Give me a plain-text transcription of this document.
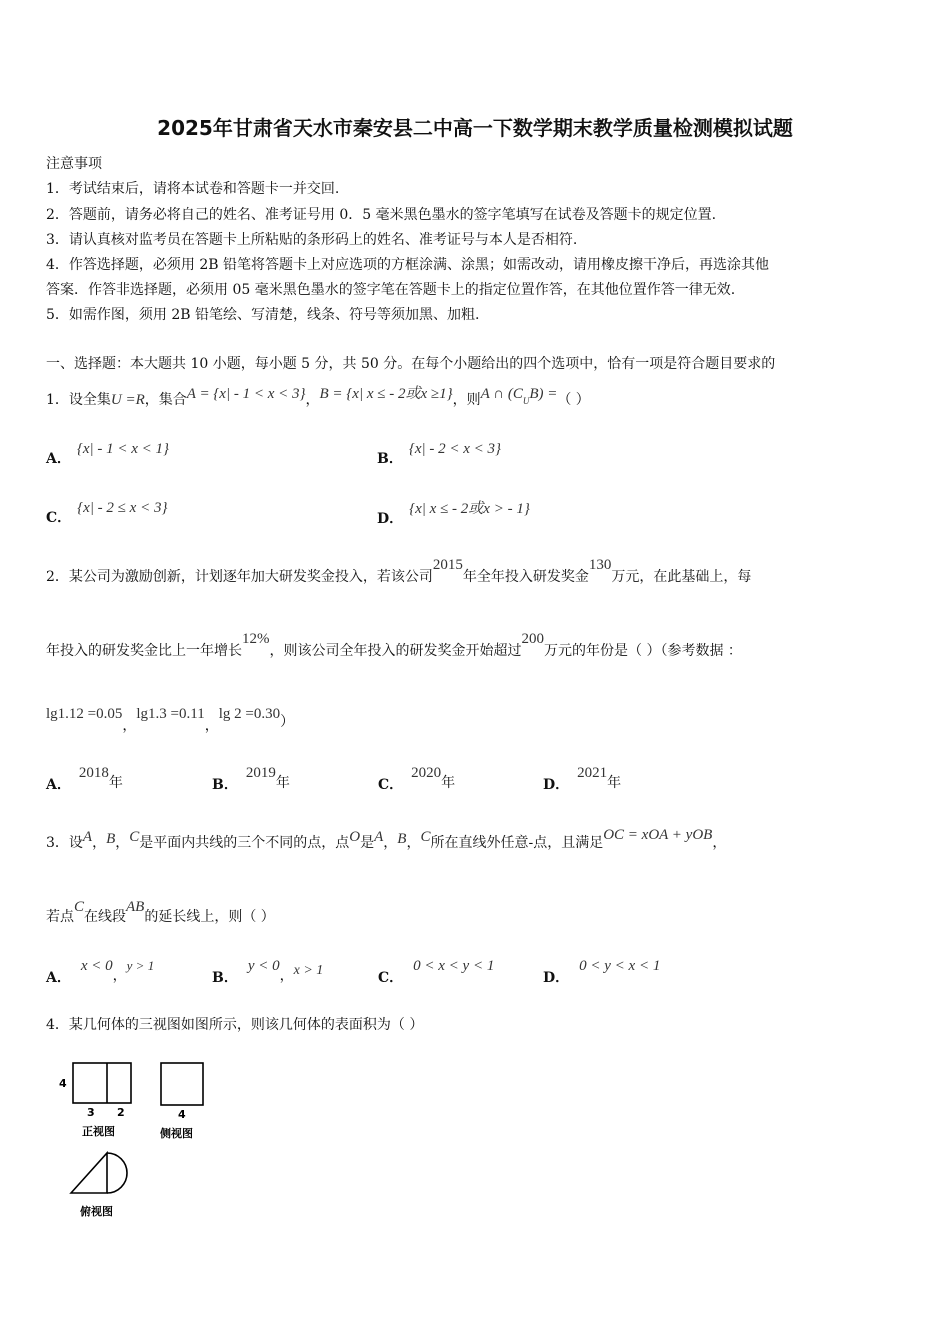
2025年甘肃省天水市秦安县二中高一下数学期末教学质量检测模拟试题
注意事项
1．考试结束后，请将本试卷和答题卡一并交回.
2．答题前，请务必将自己的姓名、准考证号用 0．5 毫米黑色墨水的签字笔填写在试卷及答题卡的规定位置.
3．请认真核对监考员在答题卡上所粘贴的条形码上的姓名、准考证号与本人是否相符.
4．作答选择题，必须用 2B 铅笔将答题卡上对应选项的方框涂满、涂黑；如需改动，请用橡皮擦干净后，再选涂其他
答案．作答非选择题，必须用 05 毫米黑色墨水的签字笔在答题卡上的指定位置作答，在其他位置作答一律无效.
5．如需作图，须用 2B 铅笔绘、写清楚，线条、符号等须加黑、加粗.
一、选择题：本大题共 10 小题，每小题 5 分，共 50 分。在每个小题给出的四个选项中，恰有一项是符合题目要求的
1．设全集U =R，集合A = {x| - 1 < x < 3}，B = {x| x ≤ - 2或x ≥1}，则A ∩ $(C_UB)$ =（ ）
A．{x| - 1 < x < 1}
B．{x| - 2 < x < 3}
C．{x| - 2 ≤ x < 3}
D．{x| x ≤ - 2或x > - 1}
2．某公司为激励创新，计划逐年加大研发奖金投入，若该公司2015年全年投入研发奖金130万元，在此基础上，每
年投入的研发奖金比上一年增长12%，则该公司全年投入的研发奖金开始超过200万元的年份是（ ）（参考数据 ：
lg1.12 =0.05，lg1.3 =0.11，lg 2 =0.30）
A．2018年	B．2019年	C．2020年	D．2021年
3．设A，B，C是平面内共线的三个不同的点，点O是A，B，C所在直线外任意-点，且满足OC = xOA + yOB，
若点C在线段AB的延长线上，则（ ）
A．x < 0，y > 1
B．y < 0，x > 1	C．0 < x < y < 1
D．0 < y < x < 1
4．某几何体的三视图如图所示，则该几何体的表面积为（ ）
4
3 2
正视图
4
侧视图
俯视图
